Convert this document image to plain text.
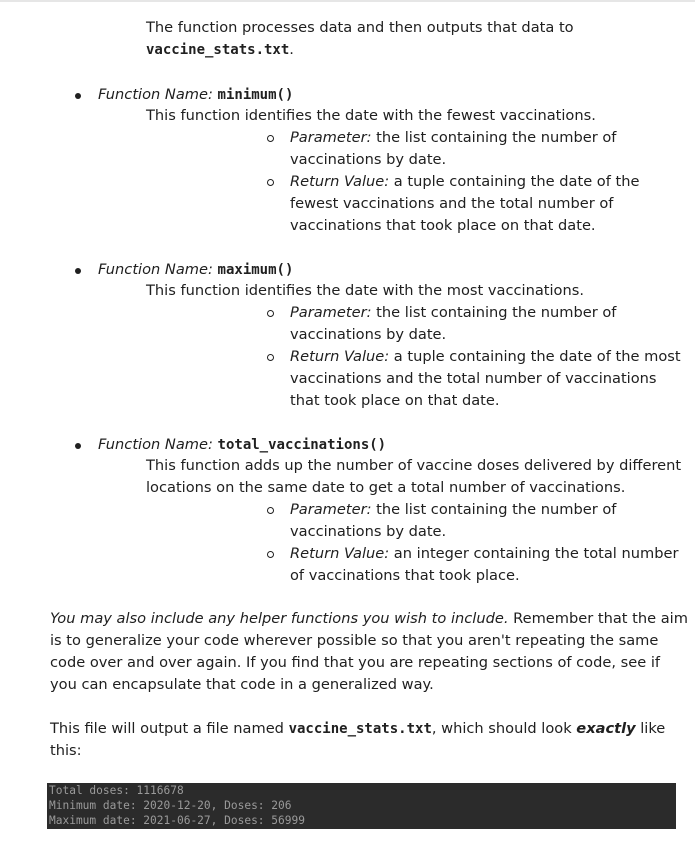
The function processes data and then outputs that data to
vaccine_stats.txt.
Function Name: minimum()
This function identifies the date with the fewest vaccinations.
Parameter: the list containing the number of
vaccinations by date.
Return Value: a tuple containing the date of the
fewest vaccinations and the total number of
vaccinations that took place on that date.
Function Name: maximum()
This function identifies the date with the most vaccinations.
Parameter: the list containing the number of
vaccinations by date.
Return Value: a tuple containing the date of the most
vaccinations and the total number of vaccinations
that took place on that date.
Function Name: total_vaccinations()
This function adds up the number of vaccine doses delivered by different
locations on the same date to get a total number of vaccinations.
Parameter: the list containing the number of
vaccinations by date.
Return Value: an integer containing the total number
of vaccinations that took place.
You may also include any helper functions you wish to include. Remember that the aim
is to generalize your code wherever possible so that you aren't repeating the same
code over and over again. If you find that you are repeating sections of code, see if
you can encapsulate that code in a generalized way.
This file will output a file named vaccine_stats.txt, which should look exactly like
this:
Total doses: 1116678
Minimum date: 2020-12-20, Doses: 206
Maximum date: 2021-06-27, Doses: 56999
